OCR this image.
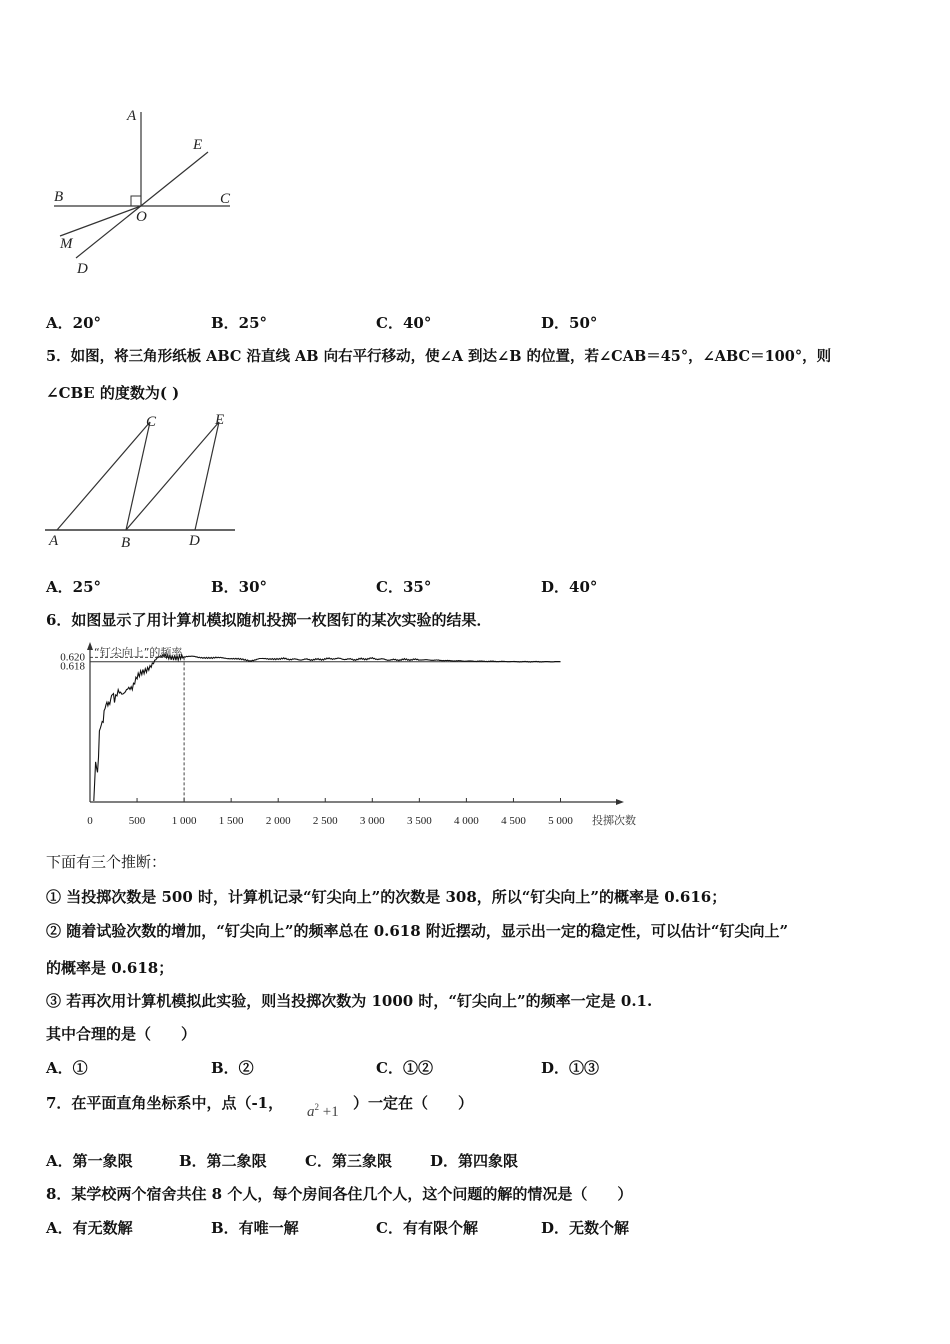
A
E
B	C
O
M
D
A．20°	B．25°	C．40°	D．50°
5．如图，将三角形纸板 ABC 沿直线 AB 向右平行移动，使∠A 到达∠B 的位置，若∠CAB＝45°，∠ABC＝100°，则
∠CBE 的度数为( )
A	B	D
C	E
A．25°	B．30°	C．35°	D．40°
6．如图显示了用计算机模拟随机投掷一枚图钉的某次实验的结果．
0	500 1 000 1 500 2 000 2 500 3 000 3 500 4 000 4 500 5 000
0.620
0.618
“钉尖向上”的频率
投掷次数
下面有三个推断：
① 当投掷次数是 500 时，计算机记录“钉尖向上”的次数是 308，所以“钉尖向上”的概率是 0.616；
② 随着试验次数的增加，“钉尖向上”的频率总在 0.618 附近摆动，显示出一定的稳定性，可以估计“钉尖向上”
的概率是 0.618；
③ 若再次用计算机模拟此实验，则当投掷次数为 1000 时，“钉尖向上”的频率一定是 0.1.
其中合理的是（　　）
A．①	B．②	C．①②	D．①③
7．在平面直角坐标系中，点（-1， $a^2 +1$ ）一定在（　　）
A．第一象限	B．第二象限	C．第三象限	D．第四象限
8．某学校两个宿舍共住 8 个人，每个房间各住几个人，这个问题的解的情况是（　　）
A．有无数解	B．有唯一解	C．有有限个解	D．无数个解
